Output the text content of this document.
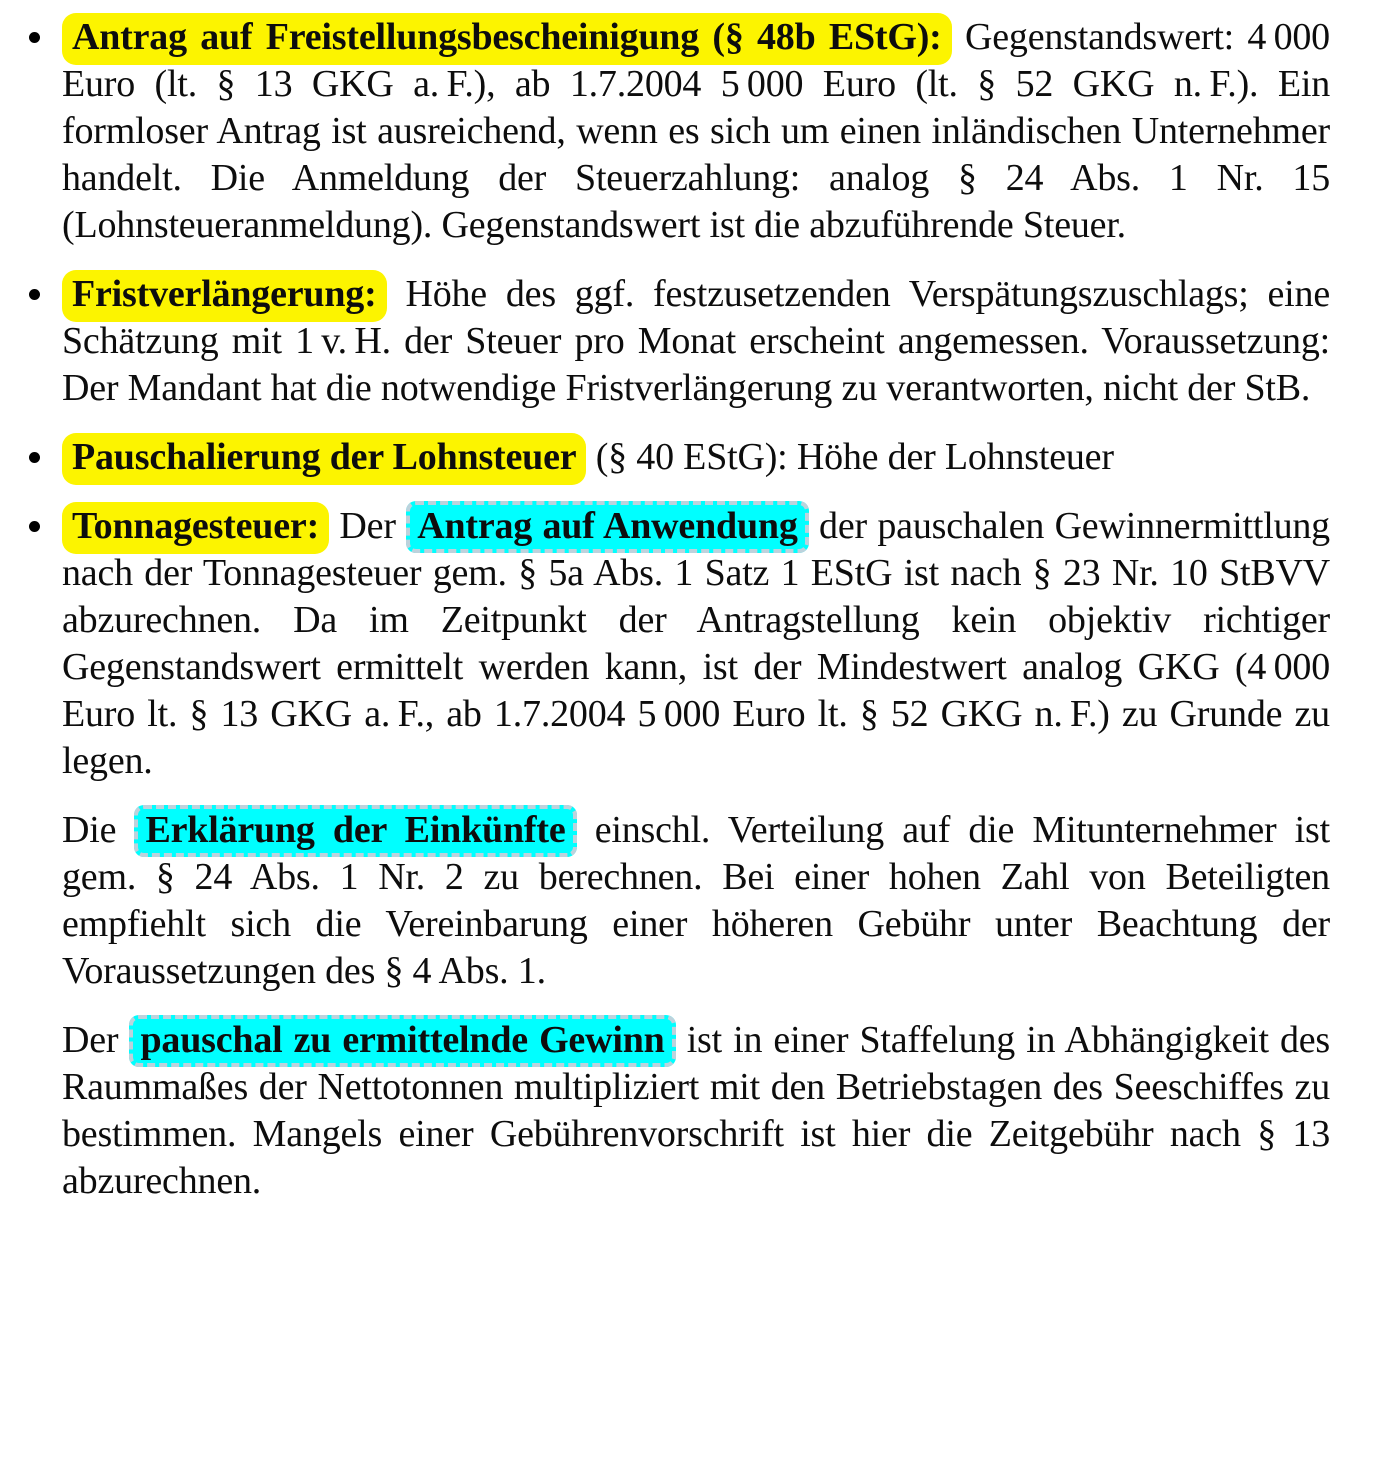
Antrag auf Freistellungsbescheinigung (§ 48b EStG): Gegenstandswert: 4 000 Euro (lt. § 13 GKG a. F.), ab 1.7.2004 5 000 Euro (lt. § 52 GKG n. F.). Ein formloser Antrag ist ausreichend, wenn es sich um einen inländischen Unternehmer handelt. Die Anmeldung der Steuerzahlung: analog § 24 Abs. 1 Nr. 15 (Lohnsteueranmeldung). Gegenstandswert ist die abzuführende Steuer.
Fristverlängerung: Höhe des ggf. festzusetzenden Verspätungszuschlags; eine Schätzung mit 1 v. H. der Steuer pro Monat erscheint angemessen. Voraussetzung: Der Mandant hat die notwendige Fristverlängerung zu verantworten, nicht der StB.
Pauschalierung der Lohnsteuer (§ 40 EStG): Höhe der Lohnsteuer
Tonnagesteuer: Der Antrag auf Anwendung der pauschalen Gewinnermittlung nach der Tonnagesteuer gem. § 5a Abs. 1 Satz 1 EStG ist nach § 23 Nr. 10 StBVV abzurechnen. Da im Zeitpunkt der Antragstellung kein objektiv richtiger Gegenstandswert ermittelt werden kann, ist der Mindestwert analog GKG (4 000 Euro lt. § 13 GKG a. F., ab 1.7.2004 5 000 Euro lt. § 52 GKG n. F.) zu Grunde zu legen.
Die Erklärung der Einkünfte einschl. Verteilung auf die Mitunternehmer ist gem. § 24 Abs. 1 Nr. 2 zu berechnen. Bei einer hohen Zahl von Beteiligten empfiehlt sich die Vereinbarung einer höheren Gebühr unter Beachtung der Voraussetzungen des § 4 Abs. 1.
Der pauschal zu ermittelnde Gewinn ist in einer Staffelung in Abhängigkeit des Raummaßes der Nettotonnen multipliziert mit den Betriebstagen des Seeschiffes zu bestimmen. Mangels einer Gebührenvorschrift ist hier die Zeitgebühr nach § 13 abzurechnen.
